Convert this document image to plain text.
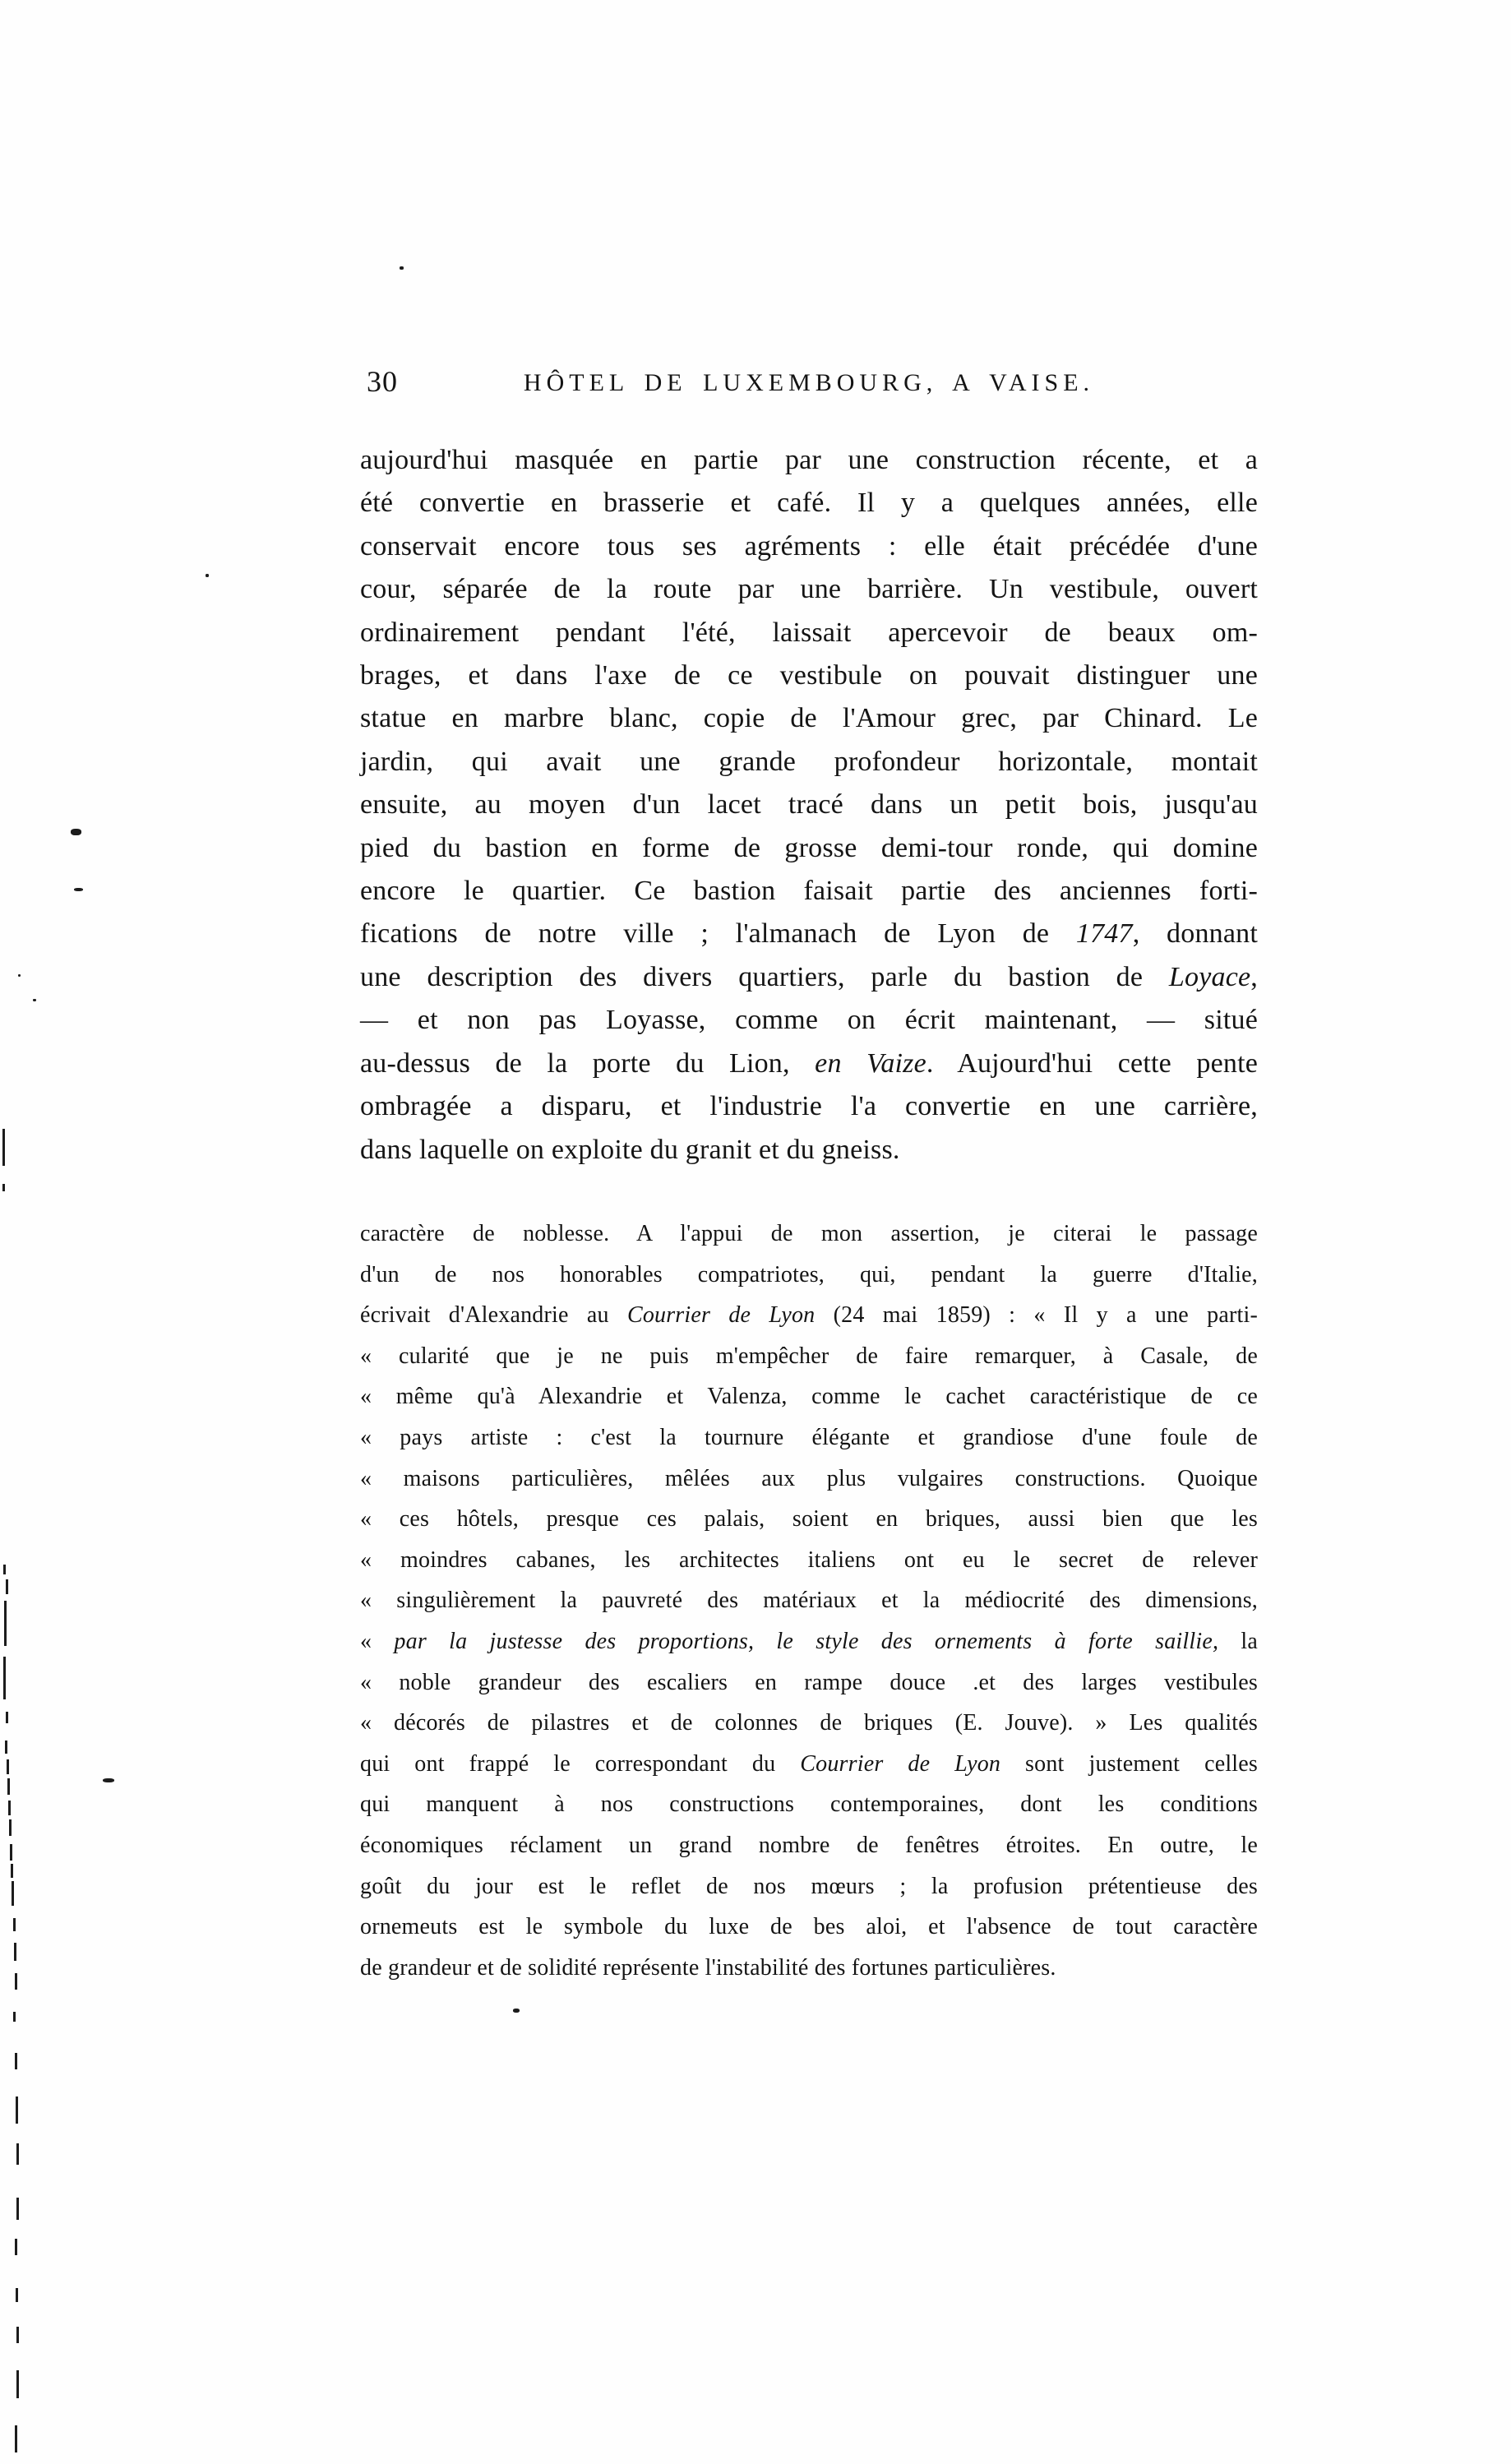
30	HÔTEL DE LUXEMBOURG, A VAISE.
aujourd'hui masquée en partie par une construction récente, et a
été convertie en brasserie et café. Il y a quelques années, elle
conservait encore tous ses agréments : elle était précédée d'une
cour, séparée de la route par une barrière. Un vestibule, ouvert
ordinairement pendant l'été, laissait apercevoir de beaux om-
brages, et dans l'axe de ce vestibule on pouvait distinguer une
statue en marbre blanc, copie de l'Amour grec, par Chinard. Le
jardin, qui avait une grande profondeur horizontale, montait
ensuite, au moyen d'un lacet tracé dans un petit bois, jusqu'au
pied du bastion en forme de grosse demi-tour ronde, qui domine
encore le quartier. Ce bastion faisait partie des anciennes forti-
fications de notre ville ; l'almanach de Lyon de 1747, donnant
une description des divers quartiers, parle du bastion de Loyace,
— et non pas Loyasse, comme on écrit maintenant, — situé
au-dessus de la porte du Lion, en Vaize. Aujourd'hui cette pente
ombragée a disparu, et l'industrie l'a convertie en une carrière,
dans laquelle on exploite du granit et du gneiss.
caractère de noblesse. A l'appui de mon assertion, je citerai le passage
d'un de nos honorables compatriotes, qui, pendant la guerre d'Italie,
écrivait d'Alexandrie au Courrier de Lyon (24 mai 1859) : « Il y a une parti-
« cularité que je ne puis m'empêcher de faire remarquer, à Casale, de
« même qu'à Alexandrie et Valenza, comme le cachet caractéristique de ce
« pays artiste : c'est la tournure élégante et grandiose d'une foule de
« maisons particulières, mêlées aux plus vulgaires constructions. Quoique
« ces hôtels, presque ces palais, soient en briques, aussi bien que les
« moindres cabanes, les architectes italiens ont eu le secret de relever
« singulièrement la pauvreté des matériaux et la médiocrité des dimensions,
« par la justesse des proportions, le style des ornements à forte saillie, la
« noble grandeur des escaliers en rampe douce .et des larges vestibules
« décorés de pilastres et de colonnes de briques (E. Jouve). » Les qualités
qui ont frappé le correspondant du Courrier de Lyon sont justement celles
qui manquent à nos constructions contemporaines, dont les conditions
économiques réclament un grand nombre de fenêtres étroites. En outre, le
goût du jour est le reflet de nos mœurs ; la profusion prétentieuse des
ornemeuts est le symbole du luxe de bes aloi, et l'absence de tout caractère
de grandeur et de solidité représente l'instabilité des fortunes particulières.
